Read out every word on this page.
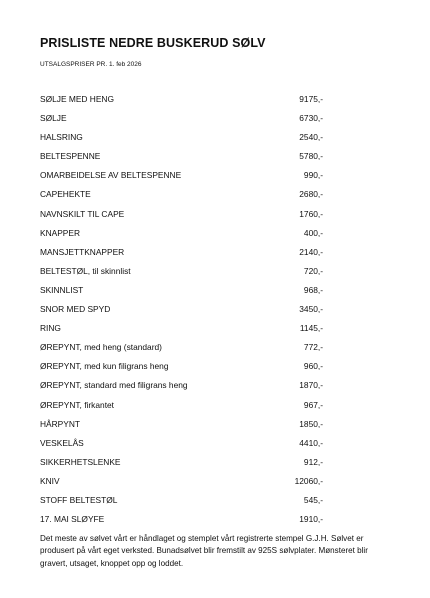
PRISLISTE NEDRE BUSKERUD SØLV
UTSALGSPRISER PR. 1. feb 2026
SØLJE MED HENG	9175,-
SØLJE	6730,-
HALSRING	2540,-
BELTESPENNE	5780,-
OMARBEIDELSE AV BELTESPENNE	990,-
CAPEHEKTE	2680,-
NAVNSKILT TIL CAPE	1760,-
KNAPPER	400,-
MANSJETTKNAPPER	2140,-
BELTESTØL, til skinnlist	720,-
SKINNLIST	968,-
SNOR MED SPYD	3450,-
RING	1145,-
ØREPYNT, med heng (standard)	772,-
ØREPYNT, med kun filigrans heng	960,-
ØREPYNT, standard med filigrans heng	1870,-
ØREPYNT, firkantet	967,-
HÅRPYNT	1850,-
VESKELÅS	4410,-
SIKKERHETSLENKE	912,-
KNIV	12060,-
STOFF BELTESTØL	545,-
17. MAI SLØYFE	1910,-

Det meste av sølvet vårt er håndlaget og stemplet vårt registrerte stempel G.J.H. Sølvet er produsert på vårt eget verksted. Bunadsølvet blir fremstilt av 925S sølvplater. Mønsteret blir gravert, utsaget, knoppet opp og loddet.
